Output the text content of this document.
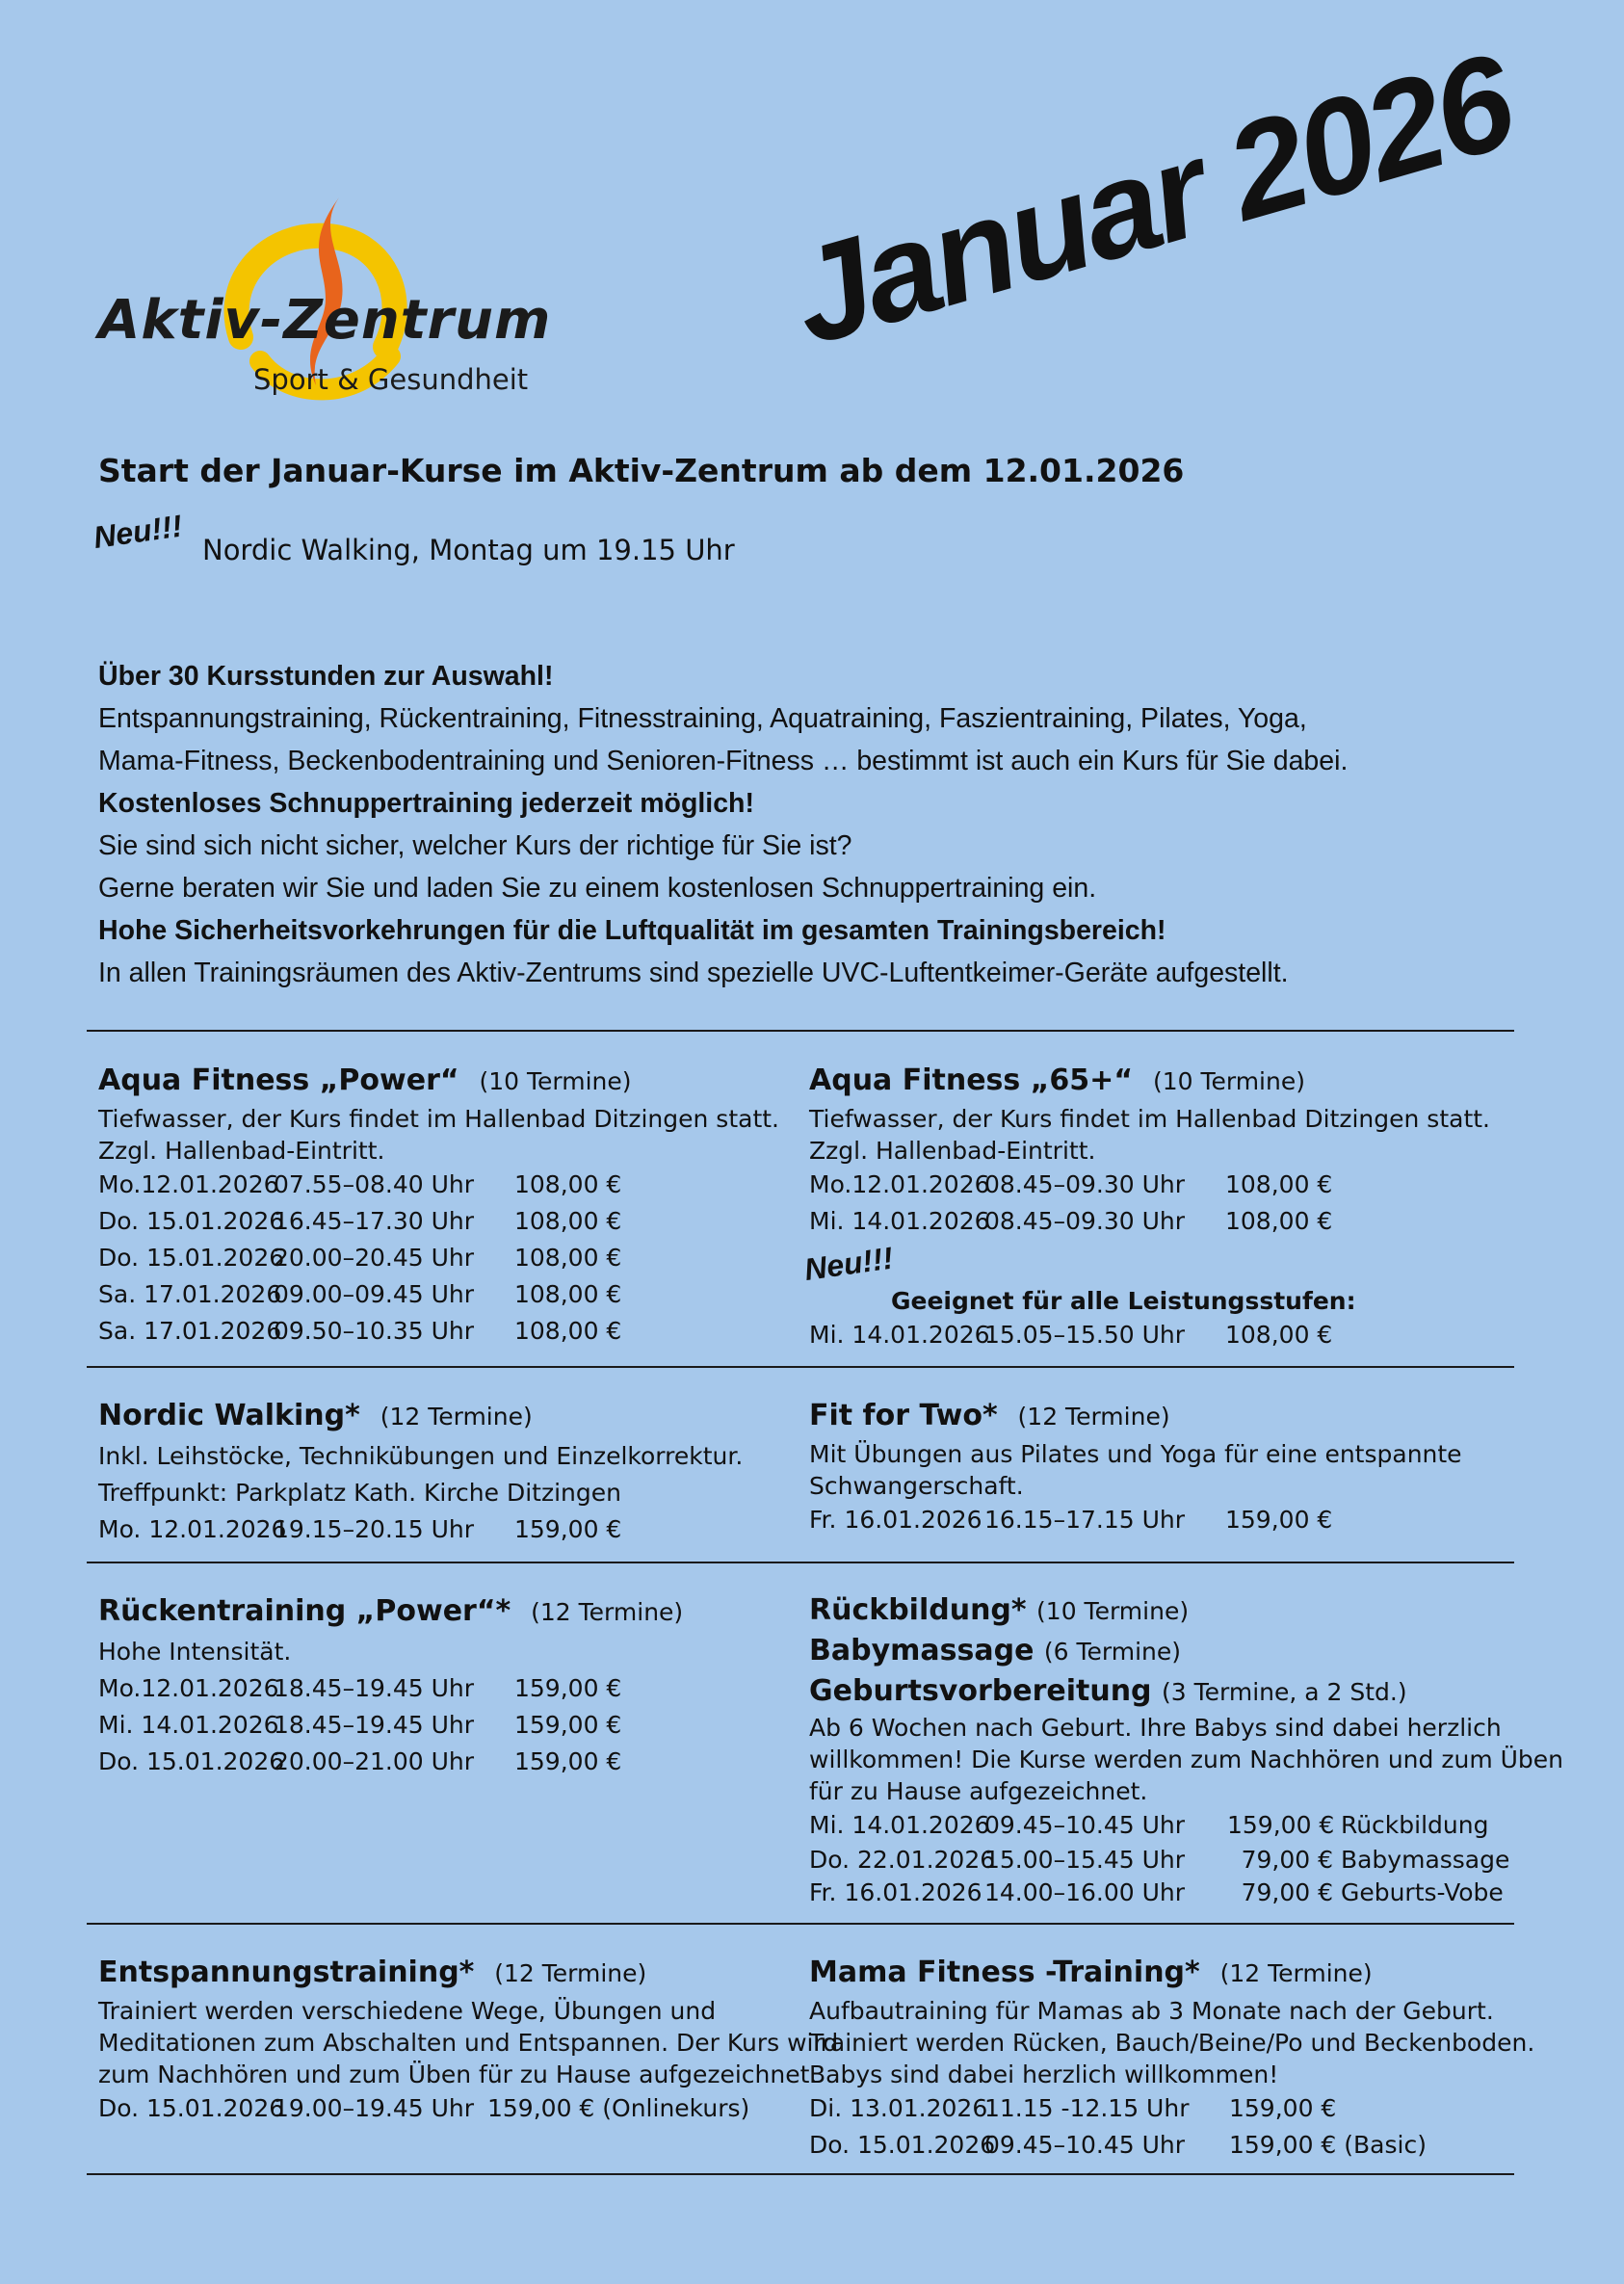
Aktiv-Zentrum
Sport & Gesundheit
Januar 2026
Start der Januar-Kurse im Aktiv-Zentrum ab dem 12.01.2026
Neu!!! Nordic Walking, Montag um 19.15 Uhr
Über 30 Kursstunden zur Auswahl!
Entspannungstraining, Rückentraining, Fitnesstraining, Aquatraining, Faszientraining, Pilates, Yoga,
Mama-Fitness, Beckenbodentraining und Senioren-Fitness … bestimmt ist auch ein Kurs für Sie dabei.
Kostenloses Schnuppertraining jederzeit möglich!
Sie sind sich nicht sicher, welcher Kurs der richtige für Sie ist?
Gerne beraten wir Sie und laden Sie zu einem kostenlosen Schnuppertraining ein.
Hohe Sicherheitsvorkehrungen für die Luftqualität im gesamten Trainingsbereich!
In allen Trainingsräumen des Aktiv-Zentrums sind spezielle UVC-Luftentkeimer-Geräte aufgestellt.
Aqua Fitness „Power“ (10 Termine)
Tiefwasser, der Kurs findet im Hallenbad Ditzingen statt.
Zzgl. Hallenbad-Eintritt.
Mo.12.01.202607.55–08.40 Uhr 108,00 €
Do. 15.01.202616.45–17.30 Uhr 108,00 €
Do. 15.01.202620.00–20.45 Uhr 108,00 €
Sa. 17.01.202609.00–09.45 Uhr 108,00 €
Sa. 17.01.202609.50–10.35 Uhr 108,00 €
Aqua Fitness „65+“ (10 Termine)
Tiefwasser, der Kurs findet im Hallenbad Ditzingen statt.
Zzgl. Hallenbad-Eintritt.
Mo.12.01.202608.45–09.30 Uhr 108,00 €
Mi. 14.01.202608.45–09.30 Uhr 108,00 €
Neu!!!
Geeignet für alle Leistungsstufen:
Mi. 14.01.202615.05–15.50 Uhr 108,00 €
Nordic Walking* (12 Termine)
Inkl. Leihstöcke, Technikübungen und Einzelkorrektur.
Treffpunkt: Parkplatz Kath. Kirche Ditzingen
Mo. 12.01.202619.15–20.15 Uhr 159,00 €
Fit for Two* (12 Termine)
Mit Übungen aus Pilates und Yoga für eine entspannte
Schwangerschaft.
Fr. 16.01.202616.15–17.15 Uhr 159,00 €
Rückentraining „Power“* (12 Termine)
Hohe Intensität.
Mo.12.01.202618.45–19.45 Uhr 159,00 €
Mi. 14.01.202618.45–19.45 Uhr 159,00 €
Do. 15.01.202620.00–21.00 Uhr 159,00 €
Rückbildung* (10 Termine)
Babymassage (6 Termine)
Geburtsvorbereitung (3 Termine, a 2 Std.)
Ab 6 Wochen nach Geburt. Ihre Babys sind dabei herzlich
willkommen! Die Kurse werden zum Nachhören und zum Üben
für zu Hause aufgezeichnet.
Mi. 14.01.202609.45–10.45 Uhr 159,00 € Rückbildung
Do. 22.01.202615.00–15.45 Uhr 79,00 € Babymassage
Fr. 16.01.202614.00–16.00 Uhr 79,00 € Geburts-Vobe
Entspannungstraining* (12 Termine)
Trainiert werden verschiedene Wege, Übungen und
Meditationen zum Abschalten und Entspannen. Der Kurs wird
zum Nachhören und zum Üben für zu Hause aufgezeichnet.
Do. 15.01.202619.00–19.45 Uhr 159,00 € (Onlinekurs)
Mama Fitness -Training* (12 Termine)
Aufbautraining für Mamas ab 3 Monate nach der Geburt.
Trainiert werden Rücken, Bauch/Beine/Po und Beckenboden.
Babys sind dabei herzlich willkommen!
Di. 13.01.202611.15 -12.15 Uhr 159,00 €
Do. 15.01.202609.45–10.45 Uhr 159,00 € (Basic)
